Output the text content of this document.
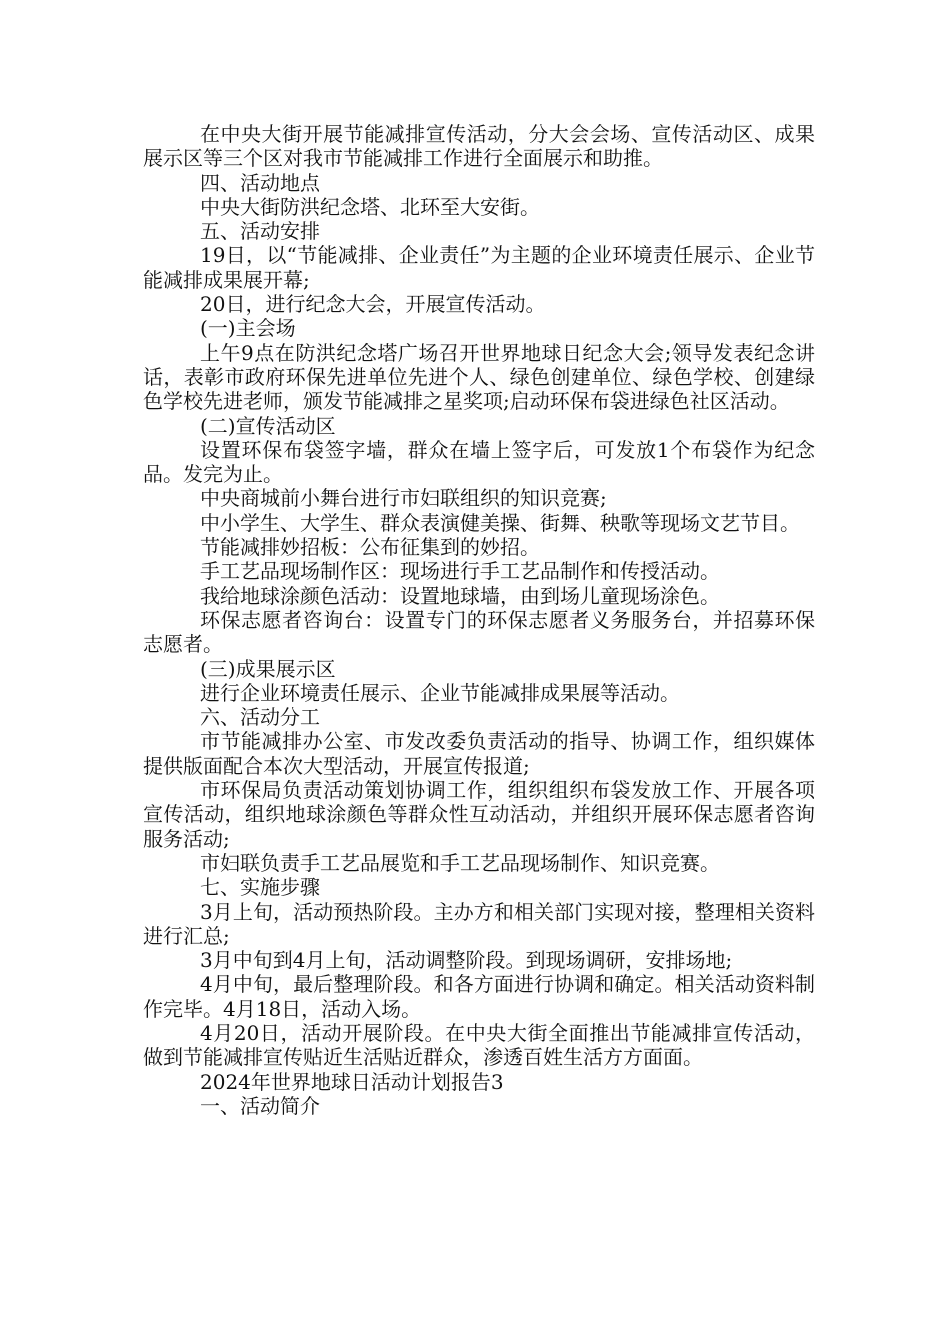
在中央大街开展节能减排宣传活动，分大会会场、宣传活动区、成果展示区等三个区对我市节能减排工作进行全面展示和助推。

四、活动地点

中央大街防洪纪念塔、北环至大安街。

五、活动安排

19日，以“节能减排、企业责任”为主题的企业环境责任展示、企业节能减排成果展开幕;

20日，进行纪念大会，开展宣传活动。

(一)主会场

上午9点在防洪纪念塔广场召开世界地球日纪念大会;领导发表纪念讲话，表彰市政府环保先进单位先进个人、绿色创建单位、绿色学校、创建绿色学校先进老师，颁发节能减排之星奖项;启动环保布袋进绿色社区活动。

(二)宣传活动区

设置环保布袋签字墙，群众在墙上签字后，可发放1个布袋作为纪念品。发完为止。

中央商城前小舞台进行市妇联组织的知识竞赛;

中小学生、大学生、群众表演健美操、街舞、秧歌等现场文艺节目。

节能减排妙招板：公布征集到的妙招。

手工艺品现场制作区：现场进行手工艺品制作和传授活动。

我给地球涂颜色活动：设置地球墙，由到场儿童现场涂色。

环保志愿者咨询台：设置专门的环保志愿者义务服务台，并招募环保志愿者。

(三)成果展示区

进行企业环境责任展示、企业节能减排成果展等活动。

六、活动分工

市节能减排办公室、市发改委负责活动的指导、协调工作，组织媒体提供版面配合本次大型活动，开展宣传报道;

市环保局负责活动策划协调工作，组织组织布袋发放工作、开展各项宣传活动，组织地球涂颜色等群众性互动活动，并组织开展环保志愿者咨询服务活动;

市妇联负责手工艺品展览和手工艺品现场制作、知识竞赛。

七、实施步骤

3月上旬，活动预热阶段。主办方和相关部门实现对接，整理相关资料进行汇总;

3月中旬到4月上旬，活动调整阶段。到现场调研，安排场地;

4月中旬，最后整理阶段。和各方面进行协调和确定。相关活动资料制作完毕。4月18日，活动入场。

4月20日，活动开展阶段。在中央大街全面推出节能减排宣传活动，做到节能减排宣传贴近生活贴近群众，渗透百姓生活方方面面。

2024年世界地球日活动计划报告3

一、活动简介
